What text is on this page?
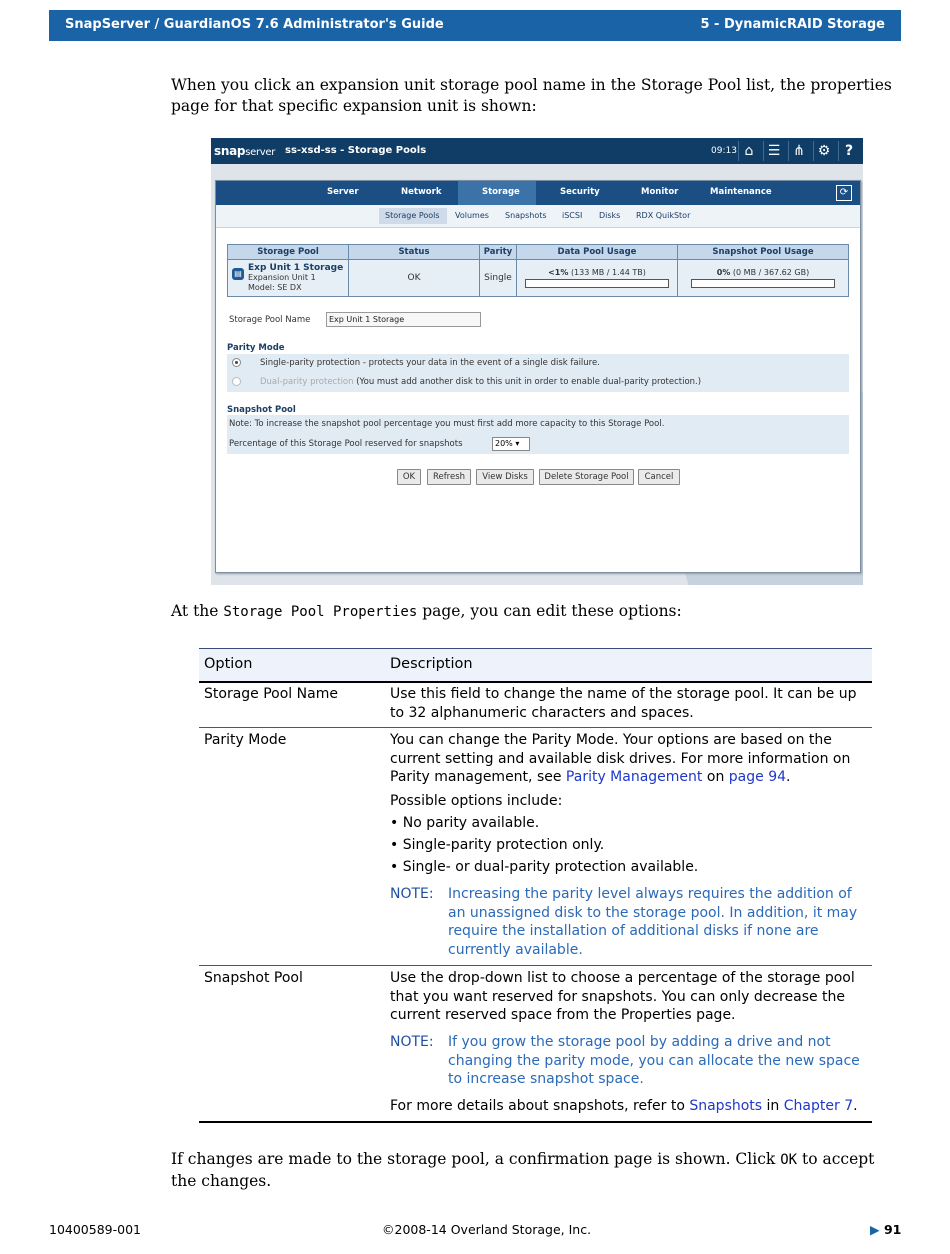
SnapServer / GuardianOS 7.6 Administrator's Guide	5 - DynamicRAID Storage
When you click an expansion unit storage pool name in the Storage Pool list, the properties page for that specific expansion unit is shown:
snapserver ss-xsd-ss - Storage Pools	09:13 ⌂	☰ ⋔ ⚙	?
Server	Network	Storage	Security	Monitor	Maintenance	⟳
Storage Pools Volumes Snapshots iSCSI Disks RDX QuikStor
Storage Pool	Status	Parity	Data Pool Usage	Snapshot Pool Usage

▤
Exp Unit 1 Storage
Expansion Unit 1
Model: SE DX	OK	Single	<1% (133 MB / 1.44 TB)	0% (0 MB / 367.62 GB)
Storage Pool Name	Exp Unit 1 Storage
Parity Mode
Single-parity protection - protects your data in the event of a single disk failure.
Dual-parity protection (You must add another disk to this unit in order to enable dual-parity protection.)
Snapshot Pool
Note: To increase the snapshot pool percentage you must first add more capacity to this Storage Pool.
Percentage of this Storage Pool reserved for snapshots	20% ▾
OK	Refresh	View Disks	Delete Storage Pool	Cancel
At the Storage Pool Properties page, you can edit these options:
Option	Description
Storage Pool Name	Use this field to change the name of the storage pool. It can be up to 32 alphanumeric characters and spaces.
Parity Mode	You can change the Parity Mode. Your options are based on the current setting and available disk drives. For more information on Parity management, see Parity Management on page 94.
Possible options include:
• No parity available.
• Single-parity protection only.
• Single- or dual-parity protection available.
NOTE:	Increasing the parity level always requires the addition of an unassigned disk to the storage pool. In addition, it may require the installation of additional disks if none are currently available.
Snapshot Pool	Use the drop-down list to choose a percentage of the storage pool that you want reserved for snapshots. You can only decrease the current reserved space from the Properties page.
NOTE:	If you grow the storage pool by adding a drive and not changing the parity mode, you can allocate the new space to increase snapshot space.
For more details about snapshots, refer to Snapshots in Chapter 7.
If changes are made to the storage pool, a confirmation page is shown. Click OK to accept the changes.
10400589-001	©2008-14 Overland Storage, Inc.	▶ 91
